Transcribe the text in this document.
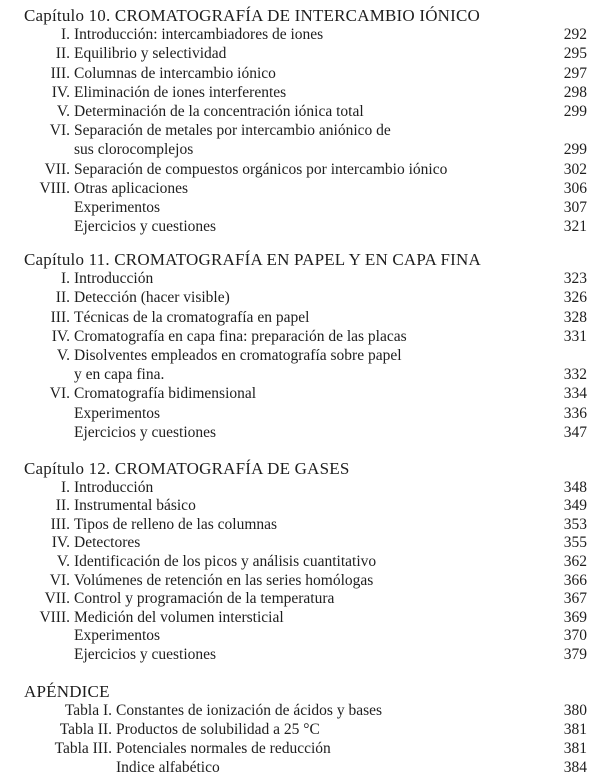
Capítulo 10. CROMATOGRAFÍA DE INTERCAMBIO IÓNICO
I. Introducción: intercambiadores de iones	292
II. Equilibrio y selectividad	295
III. Columnas de intercambio iónico	297
IV. Eliminación de iones interferentes	298
V. Determinación de la concentración iónica total	299
VI. Separación de metales por intercambio aniónico de
sus clorocomplejos	299
VII. Separación de compuestos orgánicos por intercambio iónico	302
VIII. Otras aplicaciones	306
Experimentos	307
Ejercicios y cuestiones	321
Capítulo 11. CROMATOGRAFÍA EN PAPEL Y EN CAPA FINA
I. Introducción	323
II. Detección (hacer visible)	326
III. Técnicas de la cromatografía en papel	328
IV. Cromatografía en capa fina: preparación de las placas	331
V. Disolventes empleados en cromatografía sobre papel
y en capa fina.	332
VI. Cromatografía bidimensional	334
Experimentos	336
Ejercicios y cuestiones	347
Capítulo 12. CROMATOGRAFÍA DE GASES
I. Introducción	348
II. Instrumental básico	349
III. Tipos de relleno de las columnas	353
IV. Detectores	355
V. Identificación de los picos y análisis cuantitativo	362
VI. Volúmenes de retención en las series homólogas	366
VII. Control y programación de la temperatura	367
VIII. Medición del volumen intersticial	369
Experimentos	370
Ejercicios y cuestiones	379
APÉNDICE
Tabla I. Constantes de ionización de ácidos y bases	380
Tabla II. Productos de solubilidad a 25 °C	381
Tabla III. Potenciales normales de reducción	381
Indice alfabético	384
